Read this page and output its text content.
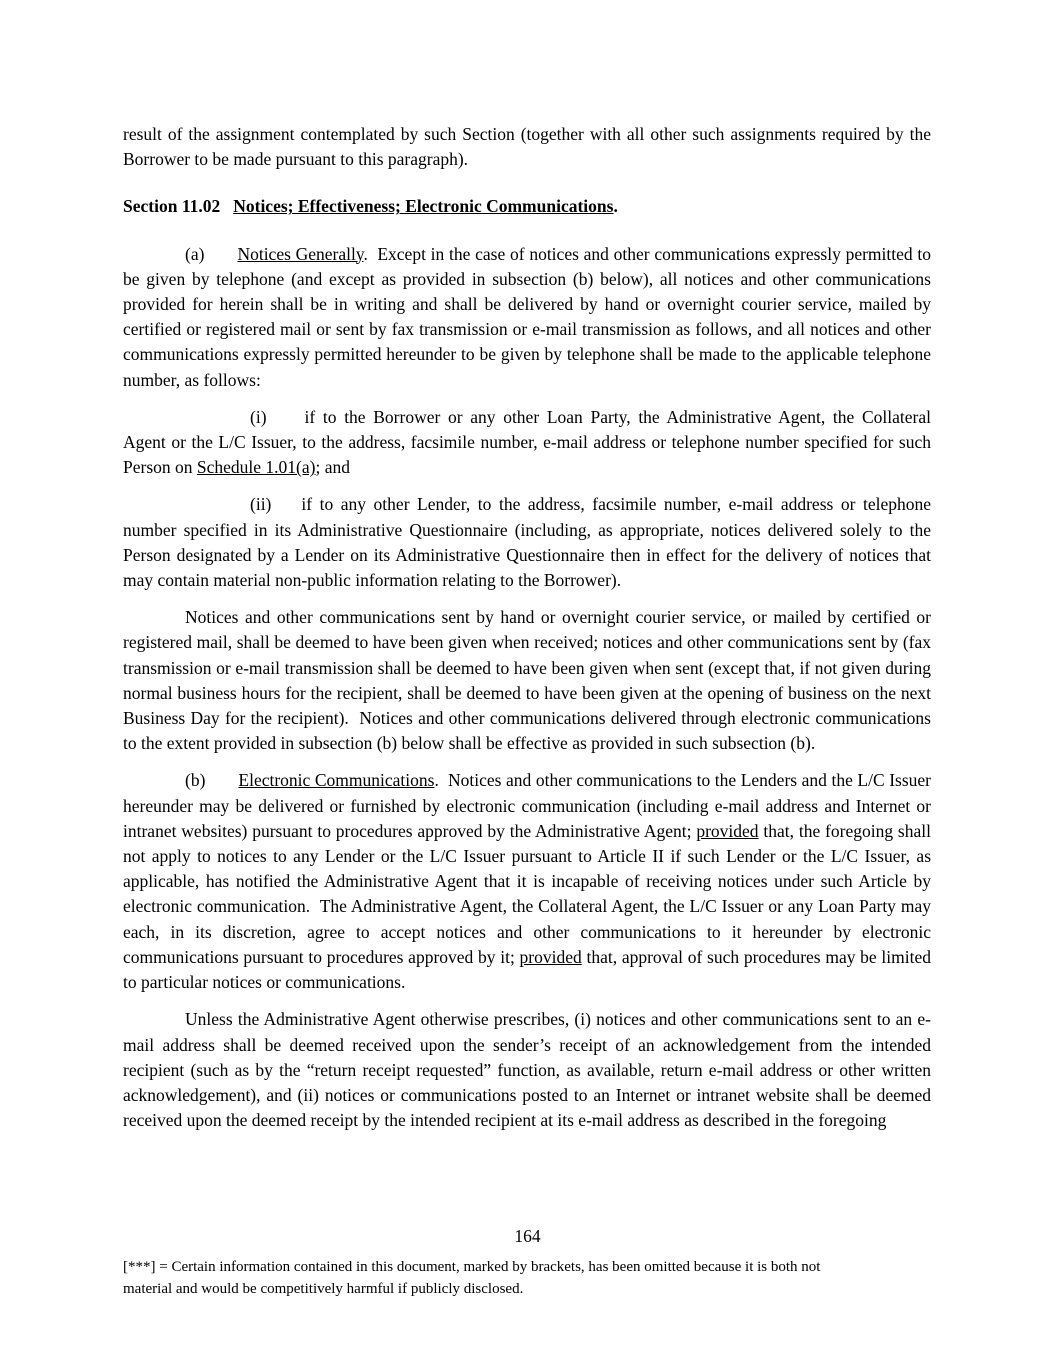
result of the assignment contemplated by such Section (together with all other such assignments required by the Borrower to be made pursuant to this paragraph).

Section 11.02 Notices; Effectiveness; Electronic Communications.

(a) Notices Generally.  Except in the case of notices and other communications expressly permitted to be given by telephone (and except as provided in subsection (b) below), all notices and other communications provided for herein shall be in writing and shall be delivered by hand or overnight courier service, mailed by certified or registered mail or sent by fax transmission or e-mail transmission as follows, and all notices and other communications expressly permitted hereunder to be given by telephone shall be made to the applicable telephone number, as follows:

(i) if to the Borrower or any other Loan Party, the Administrative Agent, the Collateral Agent or the L/C Issuer, to the address, facsimile number, e-mail address or telephone number specified for such Person on Schedule 1.01(a); and

(ii) if to any other Lender, to the address, facsimile number, e-mail address or telephone number specified in its Administrative Questionnaire (including, as appropriate, notices delivered solely to the Person designated by a Lender on its Administrative Questionnaire then in effect for the delivery of notices that may contain material non-public information relating to the Borrower).

Notices and other communications sent by hand or overnight courier service, or mailed by certified or registered mail, shall be deemed to have been given when received; notices and other communications sent by (fax transmission or e-mail transmission shall be deemed to have been given when sent (except that, if not given during normal business hours for the recipient, shall be deemed to have been given at the opening of business on the next Business Day for the recipient).  Notices and other communications delivered through electronic communications to the extent provided in subsection (b) below shall be effective as provided in such subsection (b).

(b) Electronic Communications.  Notices and other communications to the Lenders and the L/C Issuer hereunder may be delivered or furnished by electronic communication (including e-mail address and Internet or intranet websites) pursuant to procedures approved by the Administrative Agent; provided that, the foregoing shall not apply to notices to any Lender or the L/C Issuer pursuant to Article II if such Lender or the L/C Issuer, as applicable, has notified the Administrative Agent that it is incapable of receiving notices under such Article by electronic communication.  The Administrative Agent, the Collateral Agent, the L/C Issuer or any Loan Party may each, in its discretion, agree to accept notices and other communications to it hereunder by electronic communications pursuant to procedures approved by it; provided that, approval of such procedures may be limited to particular notices or communications.

Unless the Administrative Agent otherwise prescribes, (i) notices and other communications sent to an e-mail address shall be deemed received upon the sender’s receipt of an acknowledgement from the intended recipient (such as by the “return receipt requested” function, as available, return e-mail address or other written acknowledgement), and (ii) notices or communications posted to an Internet or intranet website shall be deemed received upon the deemed receipt by the intended recipient at its e-mail address as described in the foregoing

164
[***] = Certain information contained in this document, marked by brackets, has been omitted because it is both not
material and would be competitively harmful if publicly disclosed.
